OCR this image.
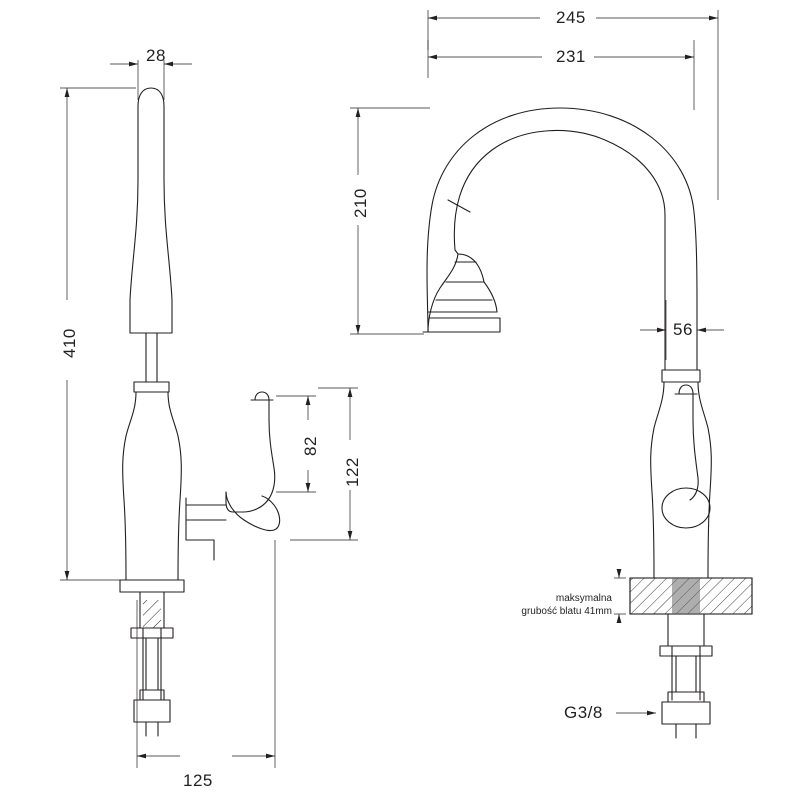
28
410
125
82
122
245
231
210
56
G3/8
maksymalna
grubość blatu 41mm
